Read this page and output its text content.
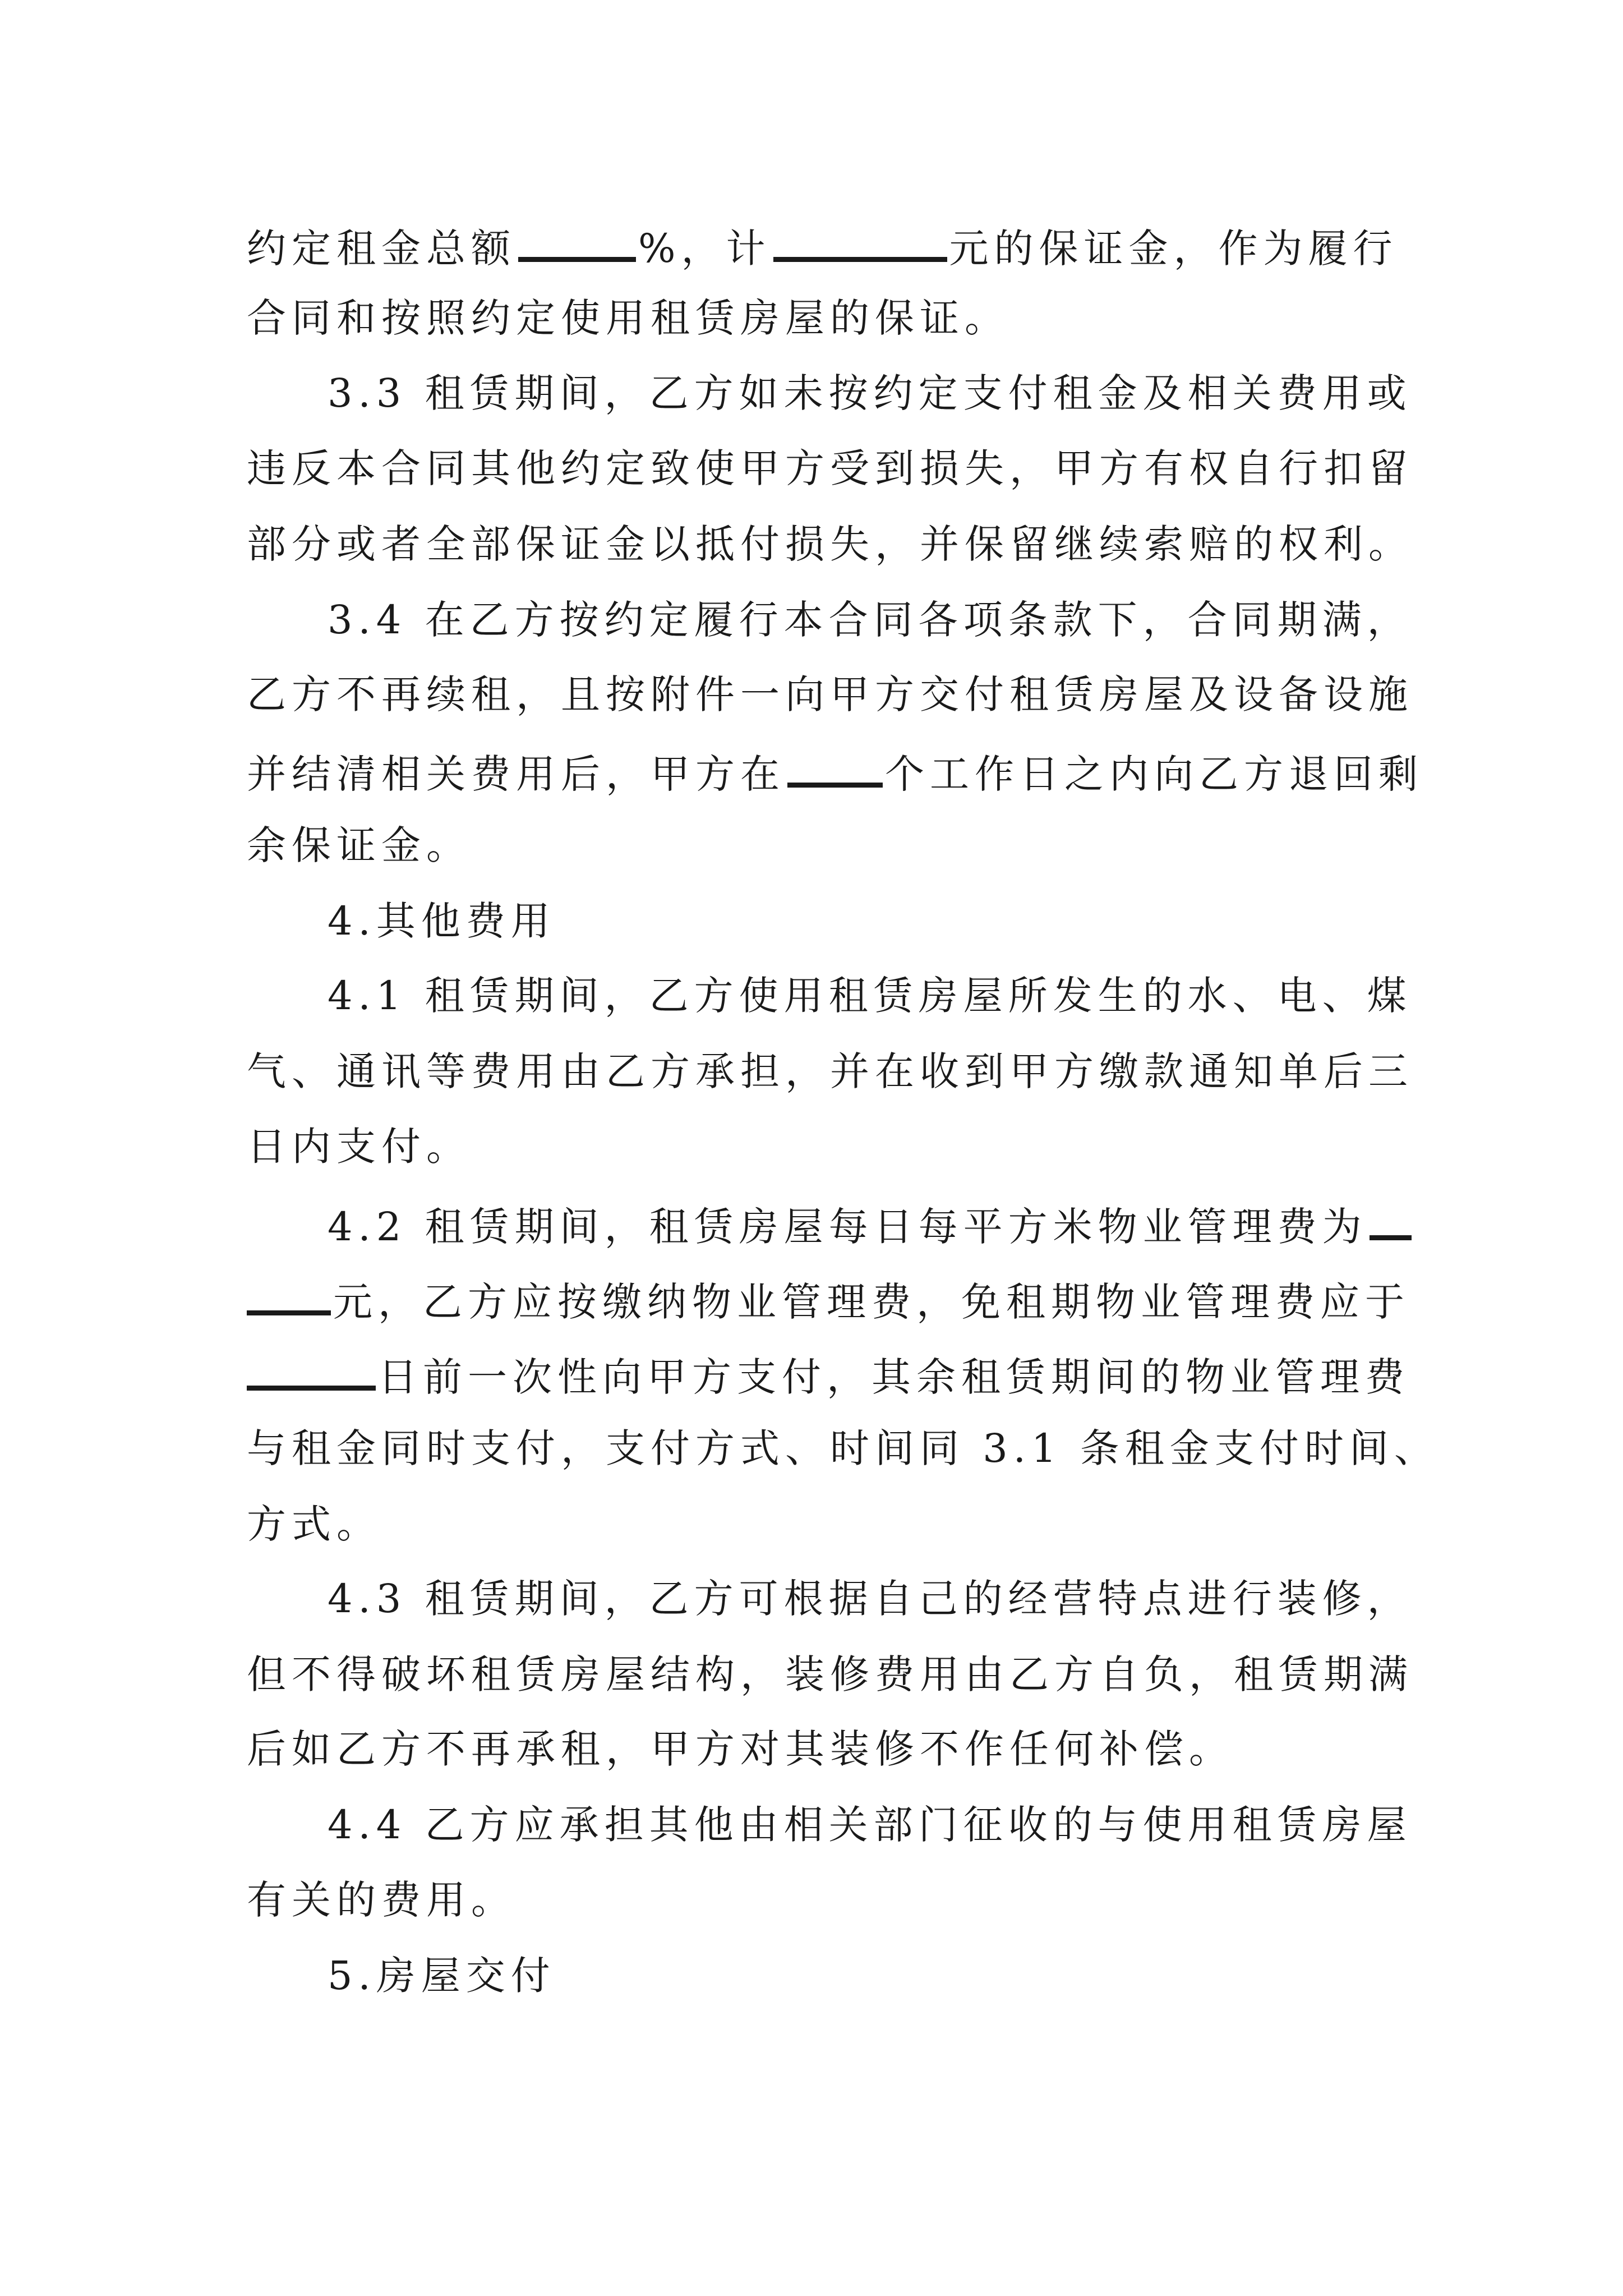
约定租金总额	%，计	元的保证金，作为履行
合同和按照约定使用租赁房屋的保证。
3.3 租赁期间，乙方如未按约定支付租金及相关费用或
违反本合同其他约定致使甲方受到损失，甲方有权自行扣留
部分或者全部保证金以抵付损失，并保留继续索赔的权利。
3.4 在乙方按约定履行本合同各项条款下，合同期满，
乙方不再续租，且按附件一向甲方交付租赁房屋及设备设施
并结清相关费用后，甲方在	个工作日之内向乙方退回剩
余保证金。
4.其他费用
4.1 租赁期间，乙方使用租赁房屋所发生的水、电、煤
气、通讯等费用由乙方承担，并在收到甲方缴款通知单后三
日内支付。
4.2 租赁期间，租赁房屋每日每平方米物业管理费为
元，乙方应按缴纳物业管理费，免租期物业管理费应于
日前一次性向甲方支付，其余租赁期间的物业管理费
与租金同时支付，支付方式、时间同 3.1 条租金支付时间、
方式。
4.3 租赁期间，乙方可根据自己的经营特点进行装修，
但不得破坏租赁房屋结构，装修费用由乙方自负，租赁期满
后如乙方不再承租，甲方对其装修不作任何补偿。
4.4 乙方应承担其他由相关部门征收的与使用租赁房屋
有关的费用。
5.房屋交付
